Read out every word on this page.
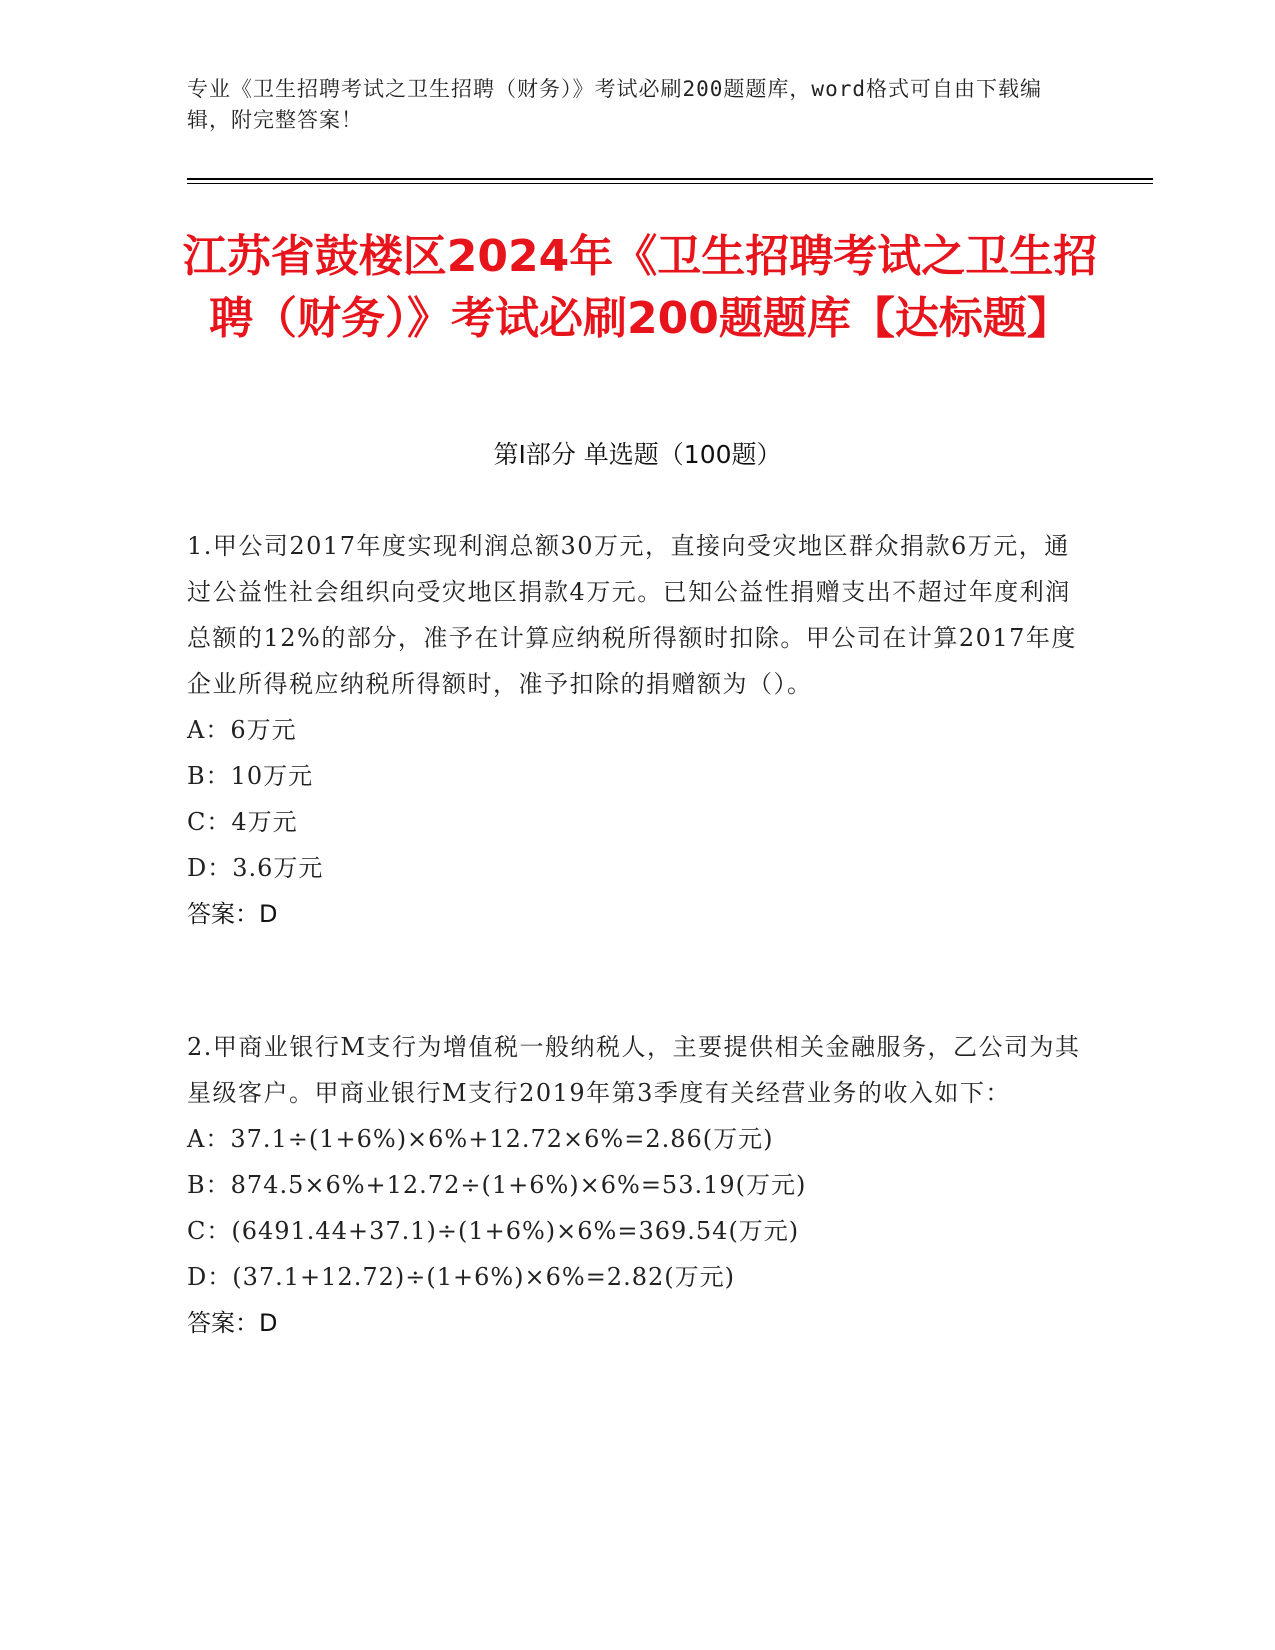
专业《卫生招聘考试之卫生招聘（财务）》考试必刷200题题库，word格式可自由下载编辑，附完整答案！
江苏省鼓楼区2024年《卫生招聘考试之卫生招聘（财务）》考试必刷200题题库【达标题】
第I部分 单选题（100题）
1.甲公司2017年度实现利润总额30万元，直接向受灾地区群众捐款6万元，通过公益性社会组织向受灾地区捐款4万元。已知公益性捐赠支出不超过年度利润总额的12%的部分，准予在计算应纳税所得额时扣除。甲公司在计算2017年度企业所得税应纳税所得额时，准予扣除的捐赠额为（）。
A：6万元
B：10万元
C：4万元
D：3.6万元
答案：D
2.甲商业银行M支行为增值税一般纳税人，主要提供相关金融服务，乙公司为其星级客户。甲商业银行M支行2019年第3季度有关经营业务的收入如下：
A：37.1÷(1+6%)×6%+12.72×6%=2.86(万元)
B：874.5×6%+12.72÷(1+6%)×6%=53.19(万元)
C：(6491.44+37.1)÷(1+6%)×6%=369.54(万元)
D：(37.1+12.72)÷(1+6%)×6%=2.82(万元)
答案：D
